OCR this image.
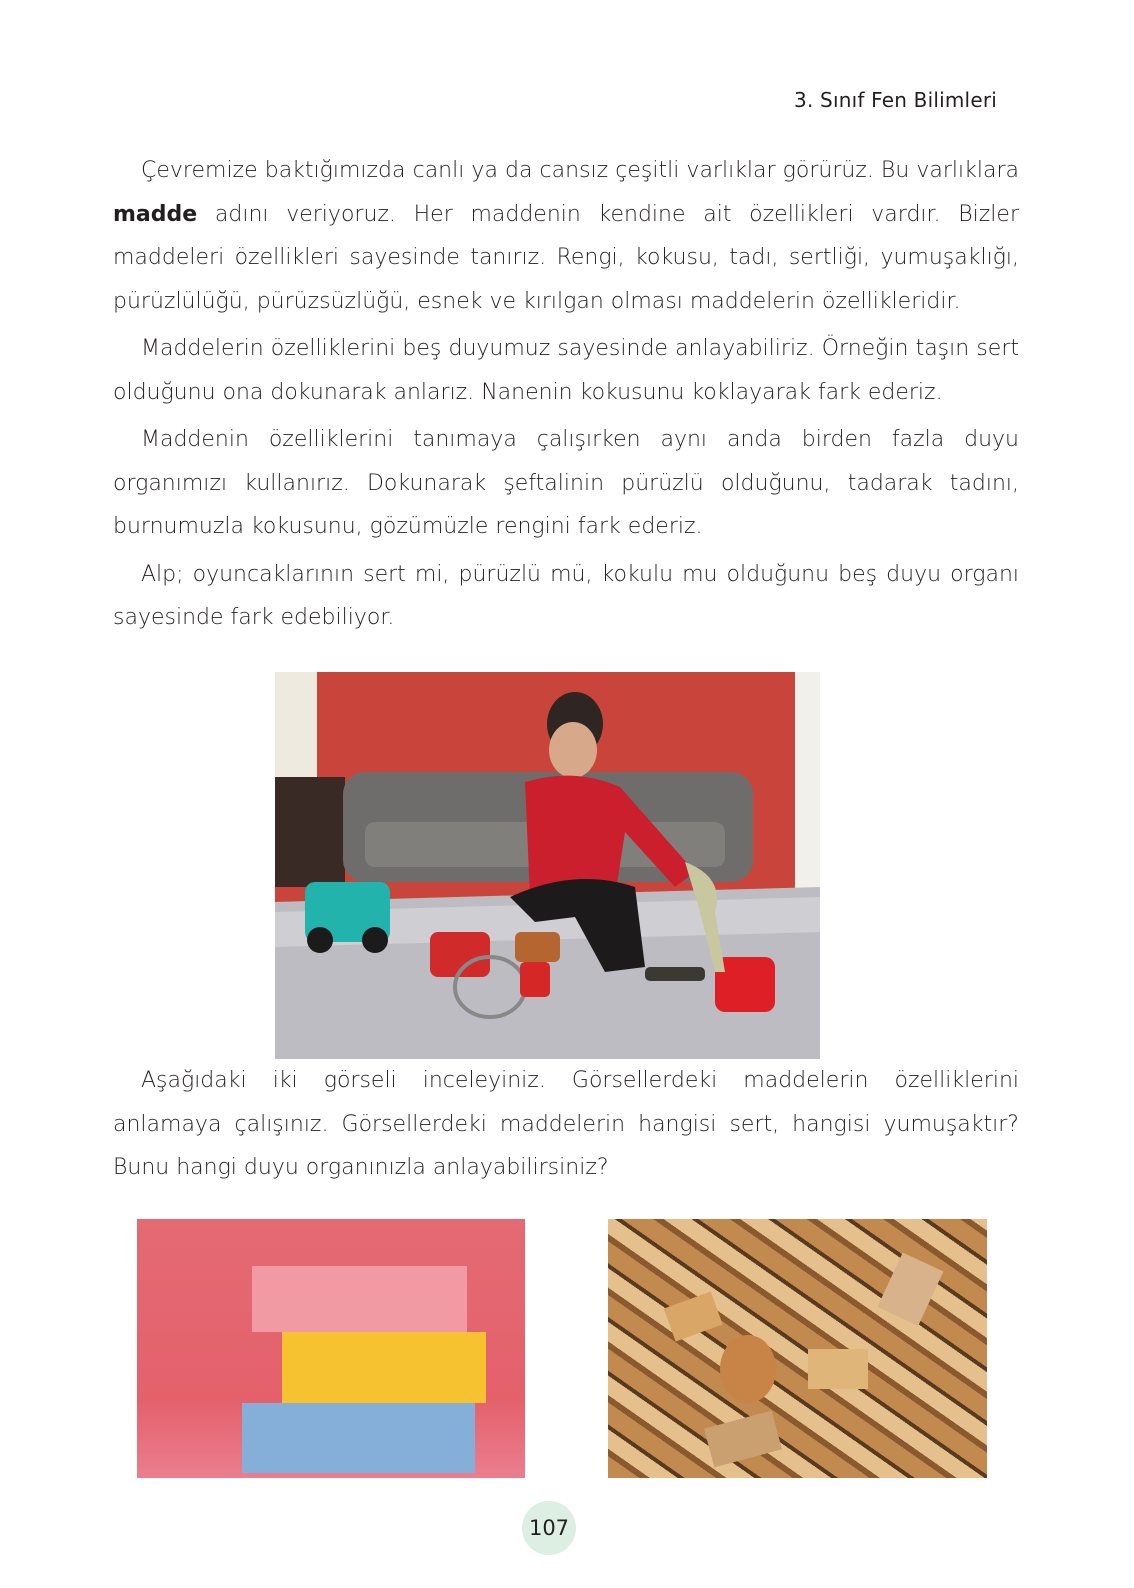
3. Sınıf Fen Bilimleri

Çevremize baktığımızda canlı ya da cansız çeşitli varlıklar görürüz. Bu varlıklara madde adını veriyoruz. Her maddenin kendine ait özellikleri vardır. Bizler maddeleri özellikleri sayesinde tanırız. Rengi, kokusu, tadı, sertliği, yumuşaklığı, pürüzlülüğü, pürüzsüzlüğü, esnek ve kırılgan olması maddelerin özellikleridir.

Maddelerin özelliklerini beş duyumuz sayesinde anlayabiliriz. Örneğin taşın sert olduğunu ona dokunarak anlarız. Nanenin kokusunu koklayarak fark ederiz.

Maddenin özelliklerini tanımaya çalışırken aynı anda birden fazla duyu organımızı kullanırız. Dokunarak şeftalinin pürüzlü olduğunu, tadarak tadını, burnumuzla kokusunu, gözümüzle rengini fark ederiz.

Alp; oyuncaklarının sert mi, pürüzlü mü, kokulu mu olduğunu beş duyu organı sayesinde fark edebiliyor.

Aşağıdaki iki görseli inceleyiniz. Görsellerdeki maddelerin özelliklerini anlamaya çalışınız. Görsellerdeki maddelerin hangisi sert, hangisi yumuşaktır? Bunu hangi duyu organınızla anlayabilirsiniz?

107
